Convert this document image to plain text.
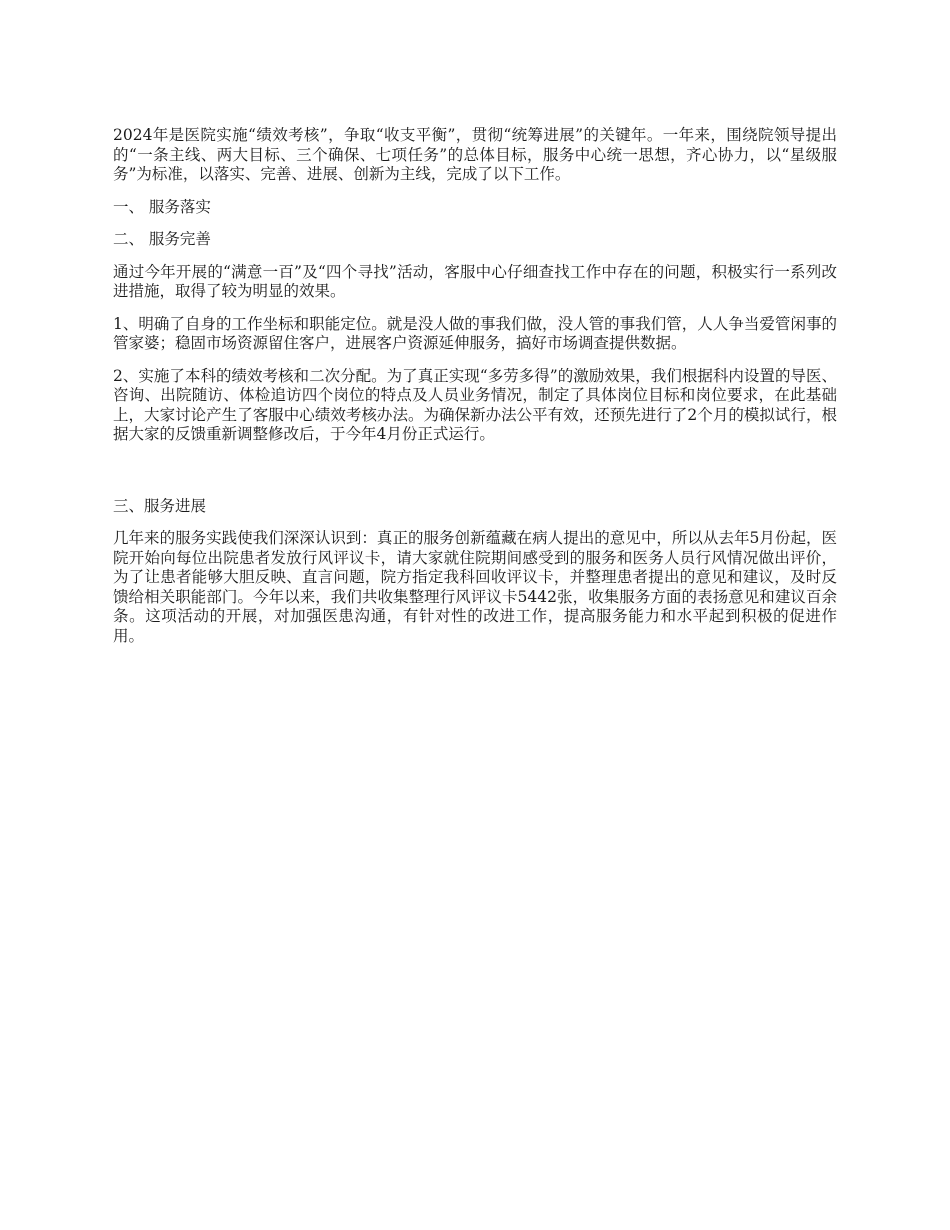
2024年是医院实施“绩效考核”，争取“收支平衡”，贯彻“统筹进展”的关键年。一年来，围绕院领导提出的“一条主线、两大目标、三个确保、七项任务”的总体目标，服务中心统一思想，齐心协力，以“星级服务”为标准，以落实、完善、进展、创新为主线，完成了以下工作。

一、 服务落实

二、 服务完善

通过今年开展的“满意一百”及“四个寻找”活动，客服中心仔细查找工作中存在的问题，积极实行一系列改进措施，取得了较为明显的效果。

1、明确了自身的工作坐标和职能定位。就是没人做的事我们做，没人管的事我们管，人人争当爱管闲事的管家婆；稳固市场资源留住客户，进展客户资源延伸服务，搞好市场调查提供数据。

2、实施了本科的绩效考核和二次分配。为了真正实现“多劳多得”的激励效果，我们根据科内设置的导医、咨询、出院随访、体检追访四个岗位的特点及人员业务情况，制定了具体岗位目标和岗位要求，在此基础上，大家讨论产生了客服中心绩效考核办法。为确保新办法公平有效，还预先进行了2个月的模拟试行，根据大家的反馈重新调整修改后，于今年4月份正式运行。

三、服务进展

几年来的服务实践使我们深深认识到：真正的服务创新蕴藏在病人提出的意见中，所以从去年5月份起，医院开始向每位出院患者发放行风评议卡，请大家就住院期间感受到的服务和医务人员行风情况做出评价，为了让患者能够大胆反映、直言问题，院方指定我科回收评议卡，并整理患者提出的意见和建议，及时反馈给相关职能部门。今年以来，我们共收集整理行风评议卡5442张，收集服务方面的表扬意见和建议百余条。这项活动的开展，对加强医患沟通，有针对性的改进工作，提高服务能力和水平起到积极的促进作用。
